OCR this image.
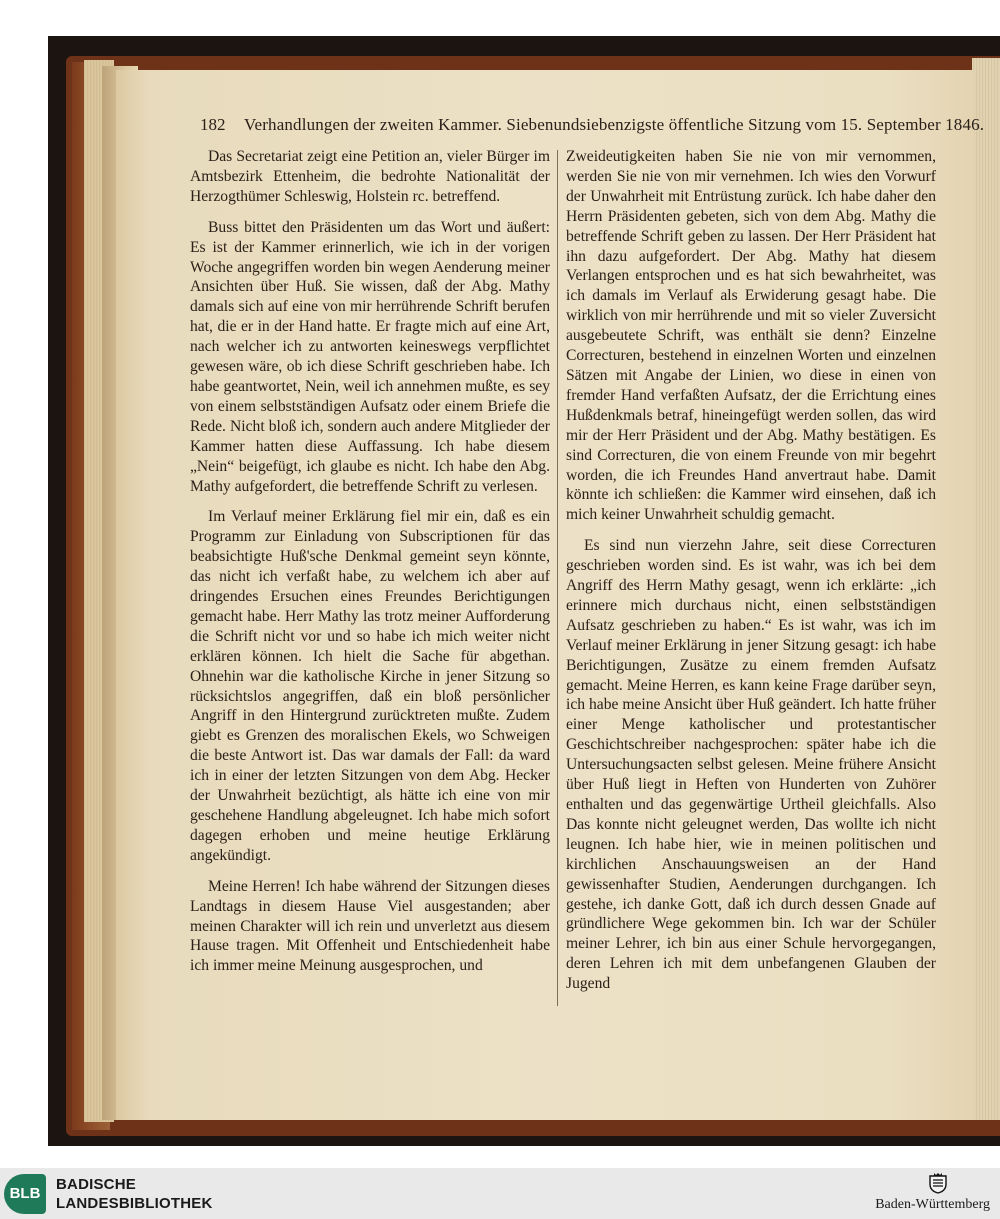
182 Verhandlungen der zweiten Kammer. Siebenundsiebenzigste öffentliche Sitzung vom 15. September 1846.

Das Secretariat zeigt eine Petition an, vieler Bürger im Amtsbezirk Ettenheim, die bedrohte Nationalität der Herzogthümer Schleswig, Holstein rc. betreffend.

Buss bittet den Präsidenten um das Wort und äußert: Es ist der Kammer erinnerlich, wie ich in der vorigen Woche angegriffen worden bin wegen Aenderung meiner Ansichten über Huß. Sie wissen, daß der Abg. Mathy damals sich auf eine von mir herrührende Schrift berufen hat, die er in der Hand hatte. Er fragte mich auf eine Art, nach welcher ich zu antworten keineswegs verpflichtet gewesen wäre, ob ich diese Schrift geschrieben habe. Ich habe geantwortet, Nein, weil ich annehmen mußte, es sey von einem selbstständigen Aufsatz oder einem Briefe die Rede. Nicht bloß ich, sondern auch andere Mitglieder der Kammer hatten diese Auffassung. Ich habe diesem „Nein“ beigefügt, ich glaube es nicht. Ich habe den Abg. Mathy aufgefordert, die betreffende Schrift zu verlesen.

Im Verlauf meiner Erklärung fiel mir ein, daß es ein Programm zur Einladung von Subscriptionen für das beabsichtigte Huß'sche Denkmal gemeint seyn könnte, das nicht ich verfaßt habe, zu welchem ich aber auf dringendes Ersuchen eines Freundes Berichtigungen gemacht habe. Herr Mathy las trotz meiner Aufforderung die Schrift nicht vor und so habe ich mich weiter nicht erklären können. Ich hielt die Sache für abgethan. Ohnehin war die katholische Kirche in jener Sitzung so rücksichtslos angegriffen, daß ein bloß persönlicher Angriff in den Hintergrund zurücktreten mußte. Zudem giebt es Grenzen des moralischen Ekels, wo Schweigen die beste Antwort ist. Das war damals der Fall: da ward ich in einer der letzten Sitzungen von dem Abg. Hecker der Unwahrheit bezüchtigt, als hätte ich eine von mir geschehene Handlung abgeleugnet. Ich habe mich sofort dagegen erhoben und meine heutige Erklärung angekündigt.

Meine Herren! Ich habe während der Sitzungen dieses Landtags in diesem Hause Viel ausgestanden; aber meinen Charakter will ich rein und unverletzt aus diesem Hause tragen. Mit Offenheit und Entschiedenheit habe ich immer meine Meinung ausgesprochen, und

Zweideutigkeiten haben Sie nie von mir vernommen, werden Sie nie von mir vernehmen. Ich wies den Vorwurf der Unwahrheit mit Entrüstung zurück. Ich habe daher den Herrn Präsidenten gebeten, sich von dem Abg. Mathy die betreffende Schrift geben zu lassen. Der Herr Präsident hat ihn dazu aufgefordert. Der Abg. Mathy hat diesem Verlangen entsprochen und es hat sich bewahrheitet, was ich damals im Verlauf als Erwiderung gesagt habe. Die wirklich von mir herrührende und mit so vieler Zuversicht ausgebeutete Schrift, was enthält sie denn? Einzelne Correcturen, bestehend in einzelnen Worten und einzelnen Sätzen mit Angabe der Linien, wo diese in einen von fremder Hand verfaßten Aufsatz, der die Errichtung eines Hußdenkmals betraf, hineingefügt werden sollen, das wird mir der Herr Präsident und der Abg. Mathy bestätigen. Es sind Correcturen, die von einem Freunde von mir begehrt worden, die ich Freundes Hand anvertraut habe. Damit könnte ich schließen: die Kammer wird einsehen, daß ich mich keiner Unwahrheit schuldig gemacht.

Es sind nun vierzehn Jahre, seit diese Correcturen geschrieben worden sind. Es ist wahr, was ich bei dem Angriff des Herrn Mathy gesagt, wenn ich erklärte: „ich erinnere mich durchaus nicht, einen selbstständigen Aufsatz geschrieben zu haben.“ Es ist wahr, was ich im Verlauf meiner Erklärung in jener Sitzung gesagt: ich habe Berichtigungen, Zusätze zu einem fremden Aufsatz gemacht. Meine Herren, es kann keine Frage darüber seyn, ich habe meine Ansicht über Huß geändert. Ich hatte früher einer Menge katholischer und protestantischer Geschichtschreiber nachgesprochen: später habe ich die Untersuchungsacten selbst gelesen. Meine frühere Ansicht über Huß liegt in Heften von Hunderten von Zuhörer enthalten und das gegenwärtige Urtheil gleichfalls. Also Das konnte nicht geleugnet werden, Das wollte ich nicht leugnen. Ich habe hier, wie in meinen politischen und kirchlichen Anschauungsweisen an der Hand gewissenhafter Studien, Aenderungen durchgangen. Ich gestehe, ich danke Gott, daß ich durch dessen Gnade auf gründlichere Wege gekommen bin. Ich war der Schüler meiner Lehrer, ich bin aus einer Schule hervorgegangen, deren Lehren ich mit dem unbefangenen Glauben der Jugend

BLB
BADISCHE
LANDESBIBLIOTHEK	Baden-Württemberg
